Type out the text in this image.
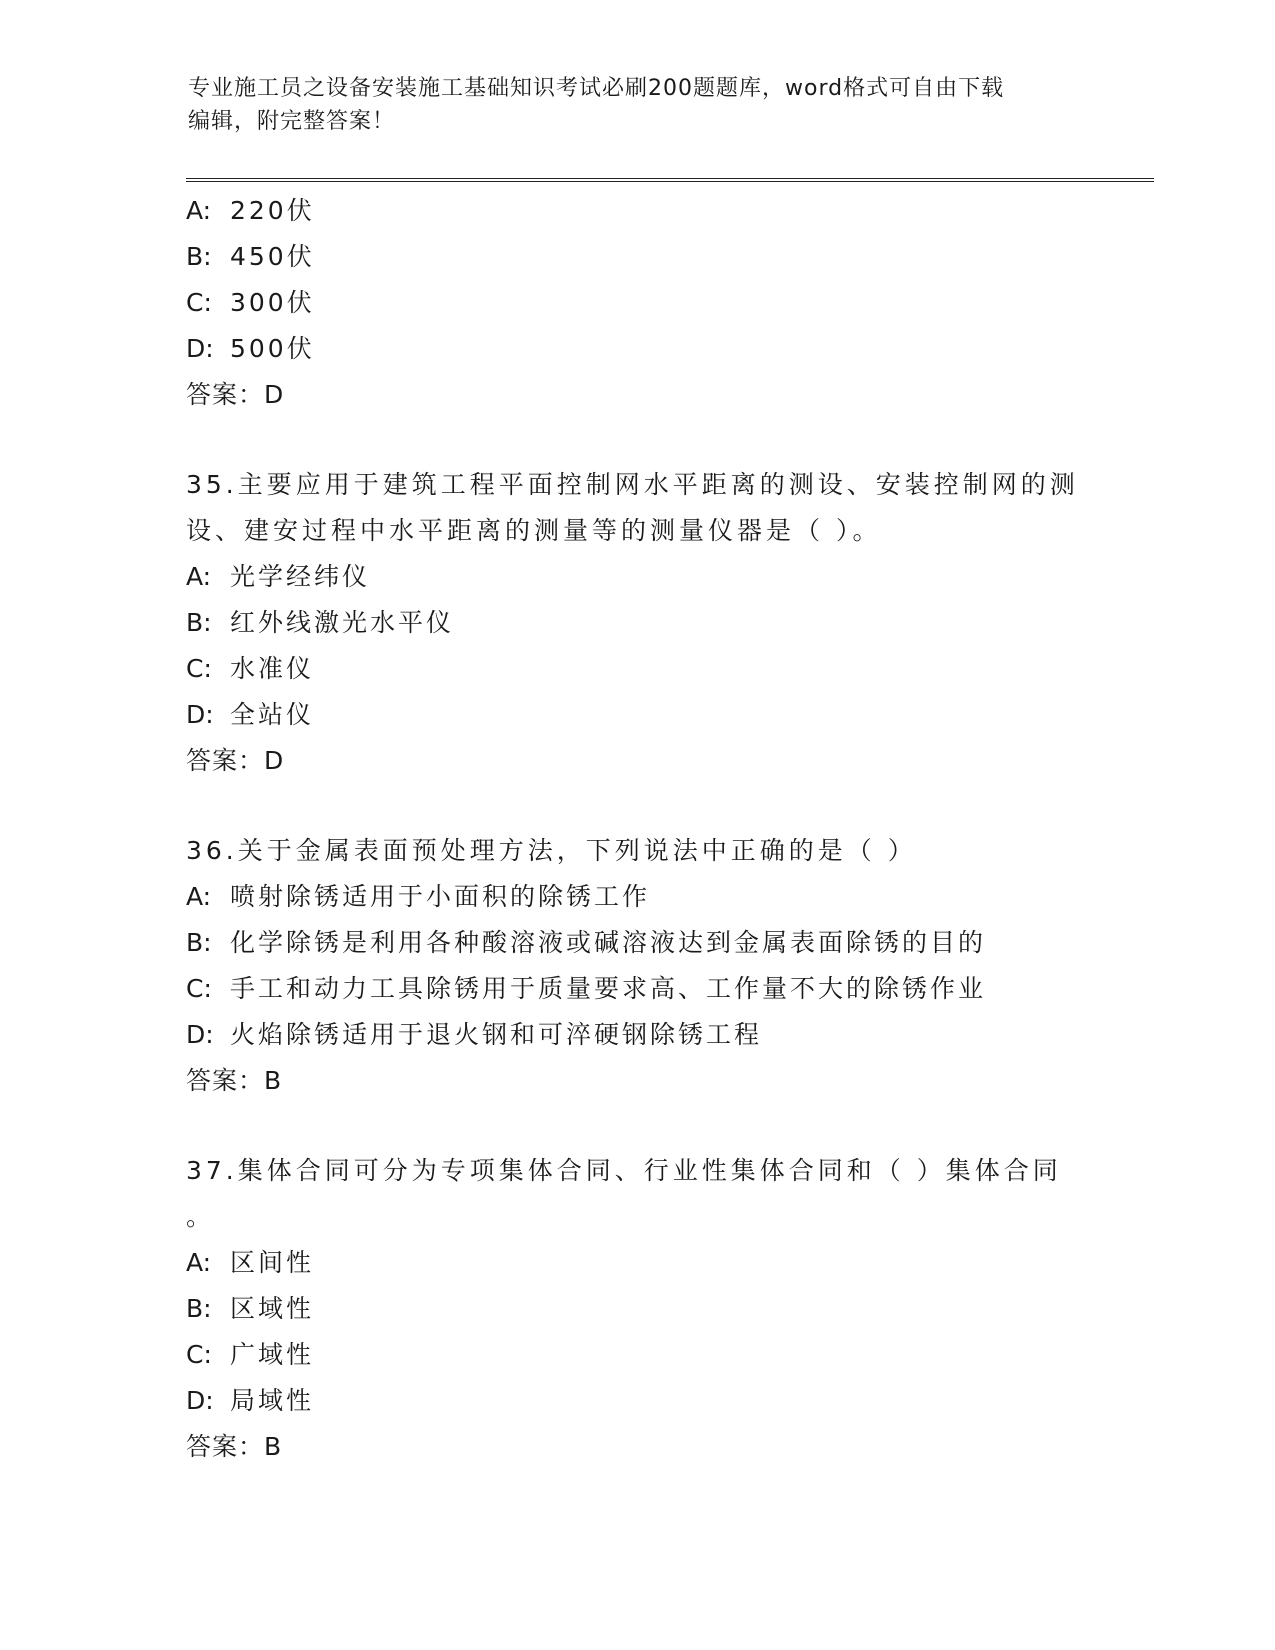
专业施工员之设备安装施工基础知识考试必刷200题题库，word格式可自由下载
编辑，附完整答案！
A: 220伏
B: 450伏
C: 300伏
D: 500伏
答案：D
35.主要应用于建筑工程平面控制网水平距离的测设、安装控制网的测
设、建安过程中水平距离的测量等的测量仪器是（ ）。
A: 光学经纬仪
B: 红外线激光水平仪
C: 水准仪
D: 全站仪
答案：D
36.关于金属表面预处理方法，下列说法中正确的是（ ）
A: 喷射除锈适用于小面积的除锈工作
B: 化学除锈是利用各种酸溶液或碱溶液达到金属表面除锈的目的
C: 手工和动力工具除锈用于质量要求高、工作量不大的除锈作业
D: 火焰除锈适用于退火钢和可淬硬钢除锈工程
答案：B
37.集体合同可分为专项集体合同、行业性集体合同和（ ）集体合同
。
A: 区间性
B: 区域性
C: 广域性
D: 局域性
答案：B
